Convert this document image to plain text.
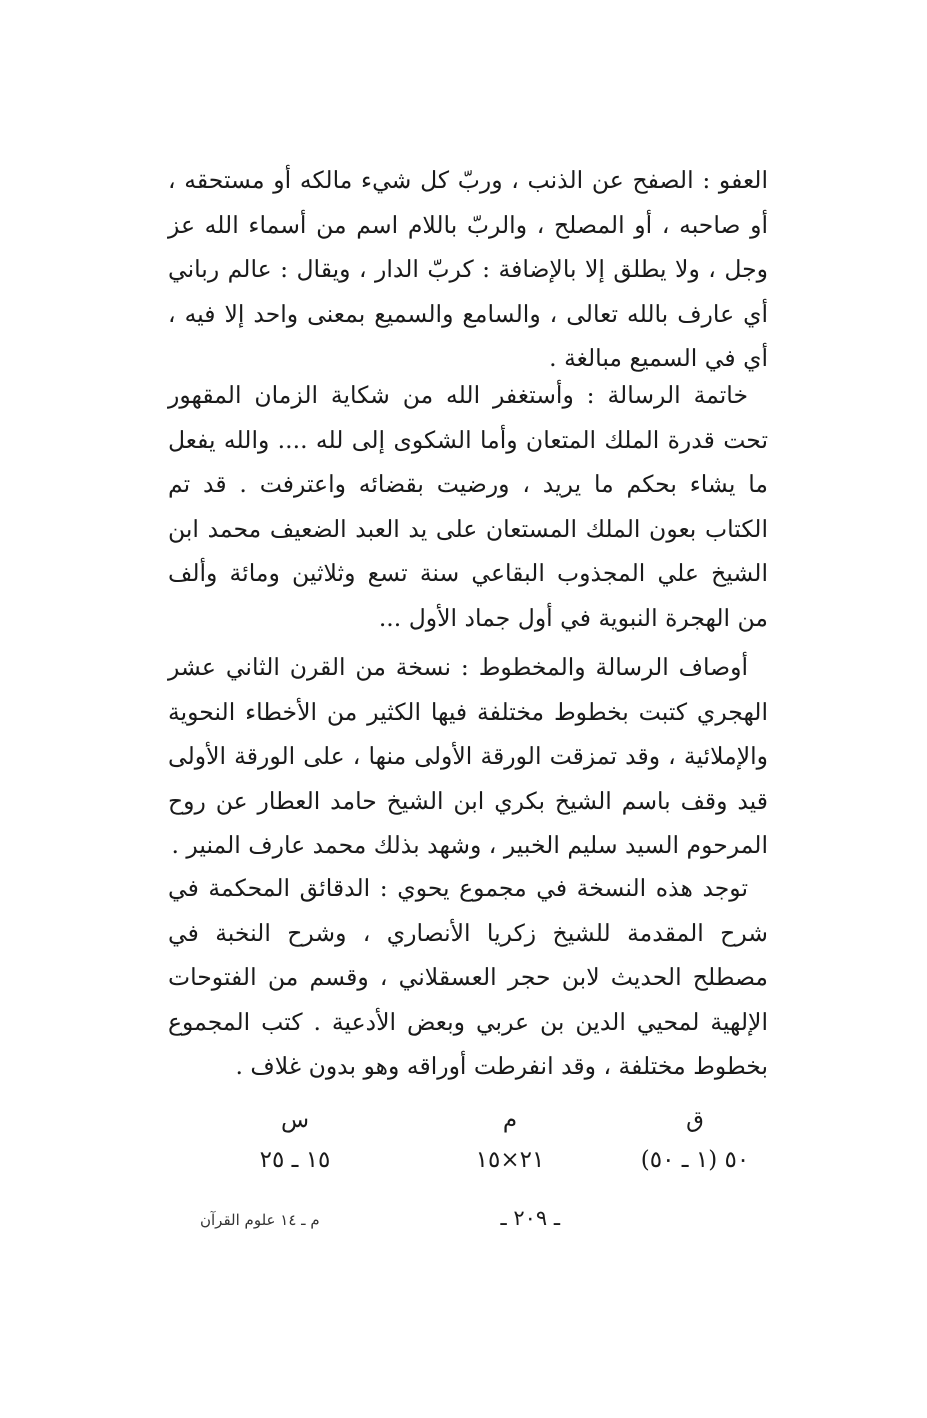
العفو : الصفح عن الذنب ، وربّ كل شيء مالكه أو مستحقه ، أو صاحبه ، أو المصلح ، والربّ باللام اسم من أسماء الله عز وجل ، ولا يطلق إلا بالإضافة : كربّ الدار ، ويقال : عالم رباني أي عارف بالله تعالى ، والسامع والسميع بمعنى واحد إلا فيه ، أي في السميع مبالغة .

خاتمة الرسالة : وأستغفر الله من شكاية الزمان المقهور تحت قدرة الملك المتعان وأما الشكوى إلى لله .... والله يفعل ما يشاء بحكم ما يريد ، ورضيت بقضائه واعترفت . قد تم الكتاب بعون الملك المستعان على يد العبد الضعيف محمد ابن الشيخ علي المجذوب البقاعي سنة تسع وثلاثين ومائة وألف من الهجرة النبوية في أول جماد الأول ...

أوصاف الرسالة والمخطوط : نسخة من القرن الثاني عشر الهجري كتبت بخطوط مختلفة فيها الكثير من الأخطاء النحوية والإملائية ، وقد تمزقت الورقة الأولى منها ، على الورقة الأولى قيد وقف باسم الشيخ بكري ابن الشيخ حامد العطار عن روح المرحوم السيد سليم الخبير ، وشهد بذلك محمد عارف المنير .

توجد هذه النسخة في مجموع يحوي : الدقائق المحكمة في شرح المقدمة للشيخ زكريا الأنصاري ، وشرح النخبة في مصطلح الحديث لابن حجر العسقلاني ، وقسم من الفتوحات الإلهية لمحيي الدين بن عربي وبعض الأدعية . كتب المجموع بخطوط مختلفة ، وقد انفرطت أوراقه وهو بدون غلاف .

ق
م
س
٥٠ (١ ـ ٥٠)
٢١×١٥
١٥ ـ ٢٥
ـ ٢٠٩ ـ
م ـ ١٤ علوم القرآن
